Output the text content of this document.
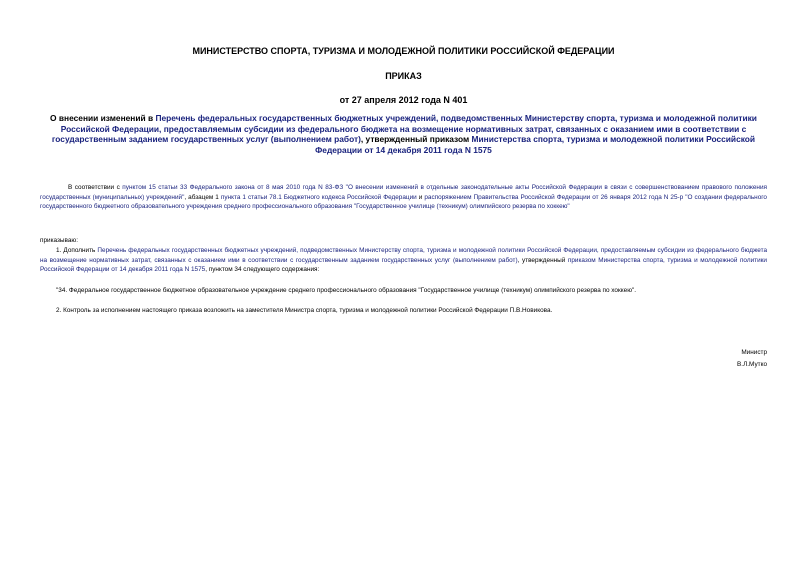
МИНИСТЕРСТВО СПОРТА, ТУРИЗМА И МОЛОДЕЖНОЙ ПОЛИТИКИ РОССИЙСКОЙ ФЕДЕРАЦИИ
ПРИКАЗ
от 27 апреля 2012 года N 401
О внесении изменений в Перечень федеральных государственных бюджетных учреждений, подведомственных Министерству спорта, туризма и молодежной политики Российской Федерации, предоставляемым субсидии из федерального бюджета на возмещение нормативных затрат, связанных с оказанием ими в соответствии с государственным заданием государственных услуг (выполнением работ), утвержденный приказом Министерства спорта, туризма и молодежной политики Российской Федерации от 14 декабря 2011 года N 1575
В соответствии с пунктом 15 статьи 33 Федерального закона от 8 мая 2010 года N 83-ФЗ "О внесении изменений в отдельные законодательные акты Российской Федерации в связи с совершенствованием правового положения государственных (муниципальных) учреждений", абзацем 1 пункта 1 статьи 78.1 Бюджетного кодекса Российской Федерации и распоряжением Правительства Российской Федерации от 26 января 2012 года N 25-р "О создании федерального государственного бюджетного образовательного учреждения среднего профессионального образования "Государственное училище (техникум) олимпийского резерва по хоккею"
приказываю:
1. Дополнить Перечень федеральных государственных бюджетных учреждений, подведомственных Министерству спорта, туризма и молодежной политики Российской Федерации, предоставляемым субсидии из федерального бюджета на возмещение нормативных затрат, связанных с оказанием ими в соответствии с государственным заданием государственных услуг (выполнением работ), утвержденный приказом Министерства спорта, туризма и молодежной политики Российской Федерации от 14 декабря 2011 года N 1575, пунктом 34 следующего содержания:
"34. Федеральное государственное бюджетное образовательное учреждение среднего профессионального образования "Государственное училище (техникум) олимпийского резерва по хоккею".
2. Контроль за исполнением настоящего приказа возложить на заместителя Министра спорта, туризма и молодежной политики Российской Федерации П.В.Новикова.
Министр
В.Л.Мутко
